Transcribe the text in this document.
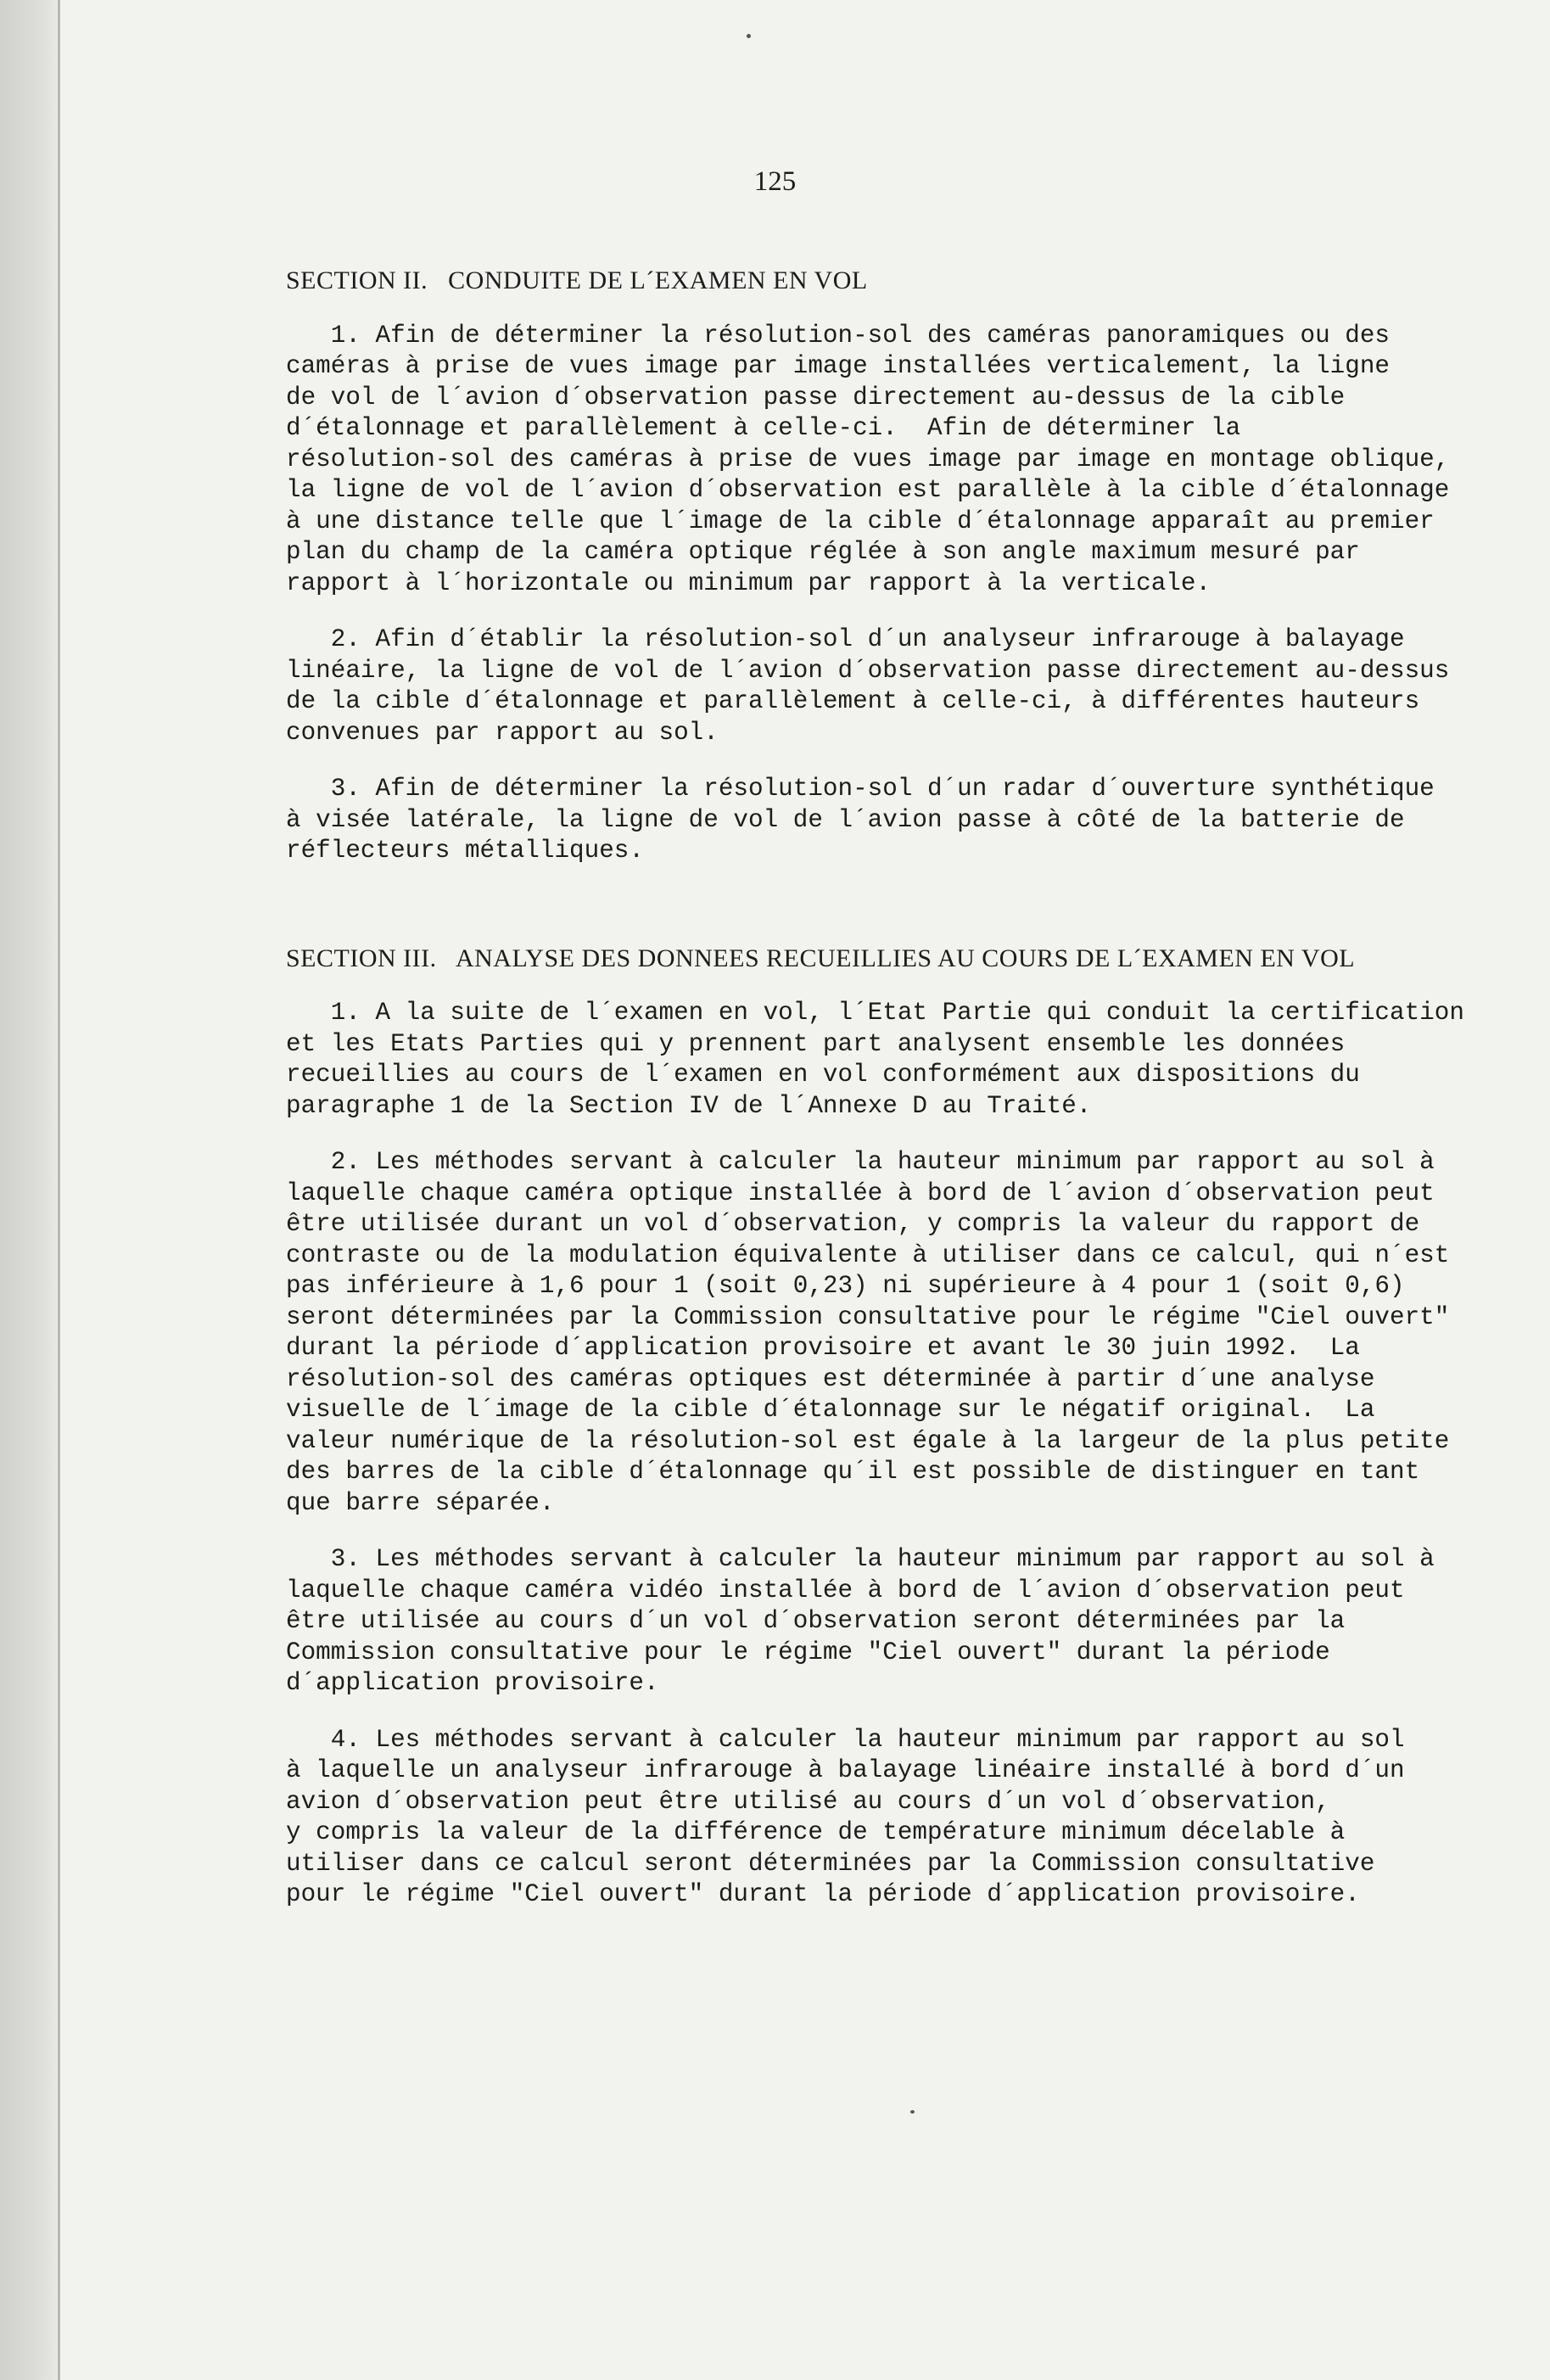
125
SECTION II.   CONDUITE DE L´EXAMEN EN VOL
1. Afin de déterminer la résolution-sol des caméras panoramiques ou des
caméras à prise de vues image par image installées verticalement, la ligne
de vol de l´avion d´observation passe directement au-dessus de la cible
d´étalonnage et parallèlement à celle-ci.  Afin de déterminer la
résolution-sol des caméras à prise de vues image par image en montage oblique,
la ligne de vol de l´avion d´observation est parallèle à la cible d´étalonnage
à une distance telle que l´image de la cible d´étalonnage apparaît au premier
plan du champ de la caméra optique réglée à son angle maximum mesuré par
rapport à l´horizontale ou minimum par rapport à la verticale.
2. Afin d´établir la résolution-sol d´un analyseur infrarouge à balayage
linéaire, la ligne de vol de l´avion d´observation passe directement au-dessus
de la cible d´étalonnage et parallèlement à celle-ci, à différentes hauteurs
convenues par rapport au sol.
3. Afin de déterminer la résolution-sol d´un radar d´ouverture synthétique
à visée latérale, la ligne de vol de l´avion passe à côté de la batterie de
réflecteurs métalliques.
SECTION III.   ANALYSE DES DONNEES RECUEILLIES AU COURS DE L´EXAMEN EN VOL
1. A la suite de l´examen en vol, l´Etat Partie qui conduit la certification
et les Etats Parties qui y prennent part analysent ensemble les données
recueillies au cours de l´examen en vol conformément aux dispositions du
paragraphe 1 de la Section IV de l´Annexe D au Traité.
2. Les méthodes servant à calculer la hauteur minimum par rapport au sol à
laquelle chaque caméra optique installée à bord de l´avion d´observation peut
être utilisée durant un vol d´observation, y compris la valeur du rapport de
contraste ou de la modulation équivalente à utiliser dans ce calcul, qui n´est
pas inférieure à 1,6 pour 1 (soit 0,23) ni supérieure à 4 pour 1 (soit 0,6)
seront déterminées par la Commission consultative pour le régime "Ciel ouvert"
durant la période d´application provisoire et avant le 30 juin 1992.  La
résolution-sol des caméras optiques est déterminée à partir d´une analyse
visuelle de l´image de la cible d´étalonnage sur le négatif original.  La
valeur numérique de la résolution-sol est égale à la largeur de la plus petite
des barres de la cible d´étalonnage qu´il est possible de distinguer en tant
que barre séparée.
3. Les méthodes servant à calculer la hauteur minimum par rapport au sol à
laquelle chaque caméra vidéo installée à bord de l´avion d´observation peut
être utilisée au cours d´un vol d´observation seront déterminées par la
Commission consultative pour le régime "Ciel ouvert" durant la période
d´application provisoire.
4. Les méthodes servant à calculer la hauteur minimum par rapport au sol
à laquelle un analyseur infrarouge à balayage linéaire installé à bord d´un
avion d´observation peut être utilisé au cours d´un vol d´observation,
y compris la valeur de la différence de température minimum décelable à
utiliser dans ce calcul seront déterminées par la Commission consultative
pour le régime "Ciel ouvert" durant la période d´application provisoire.
